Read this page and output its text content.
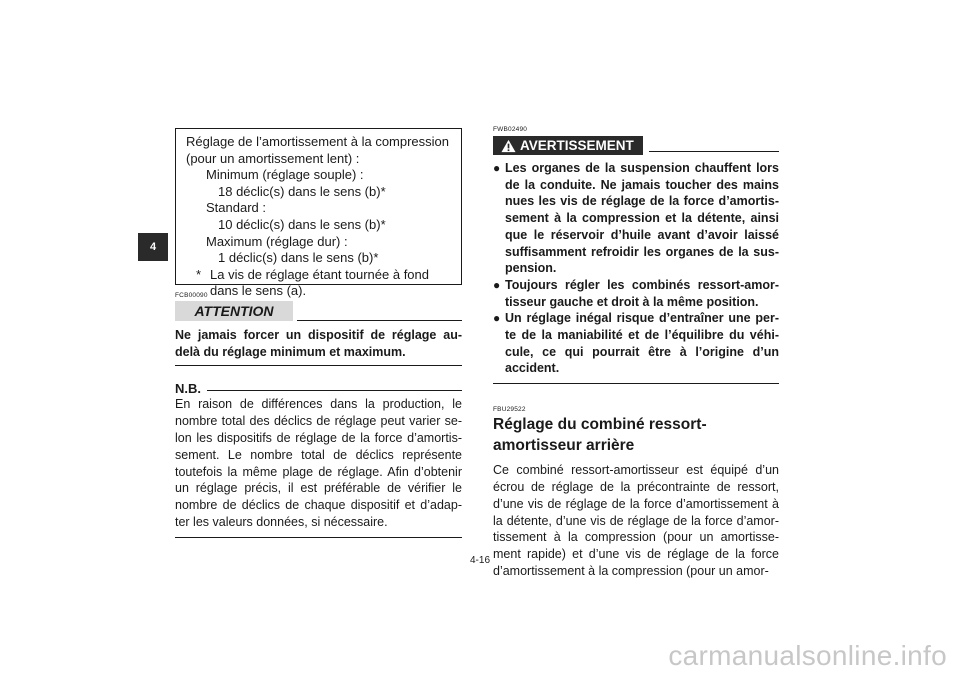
4
Réglage de l’amortissement à la compression
(pour un amortissement lent) :
Minimum (réglage souple) :
18 déclic(s) dans le sens (b)*
Standard :
10 déclic(s) dans le sens (b)*
Maximum (réglage dur) :
1 déclic(s) dans le sens (b)*
* La vis de réglage étant tournée à fond dans le sens (a).
FCB00090
ATTENTION
Ne jamais forcer un dispositif de réglage au-delà du réglage minimum et maximum.
N.B.
En raison de différences dans la production, le nombre total des déclics de réglage peut varier se-lon les dispositifs de réglage de la force d’amortis-sement. Le nombre total de déclics représente toutefois la même plage de réglage. Afin d’obtenir un réglage précis, il est préférable de vérifier le nombre de déclics de chaque dispositif et d’adap-ter les valeurs données, si nécessaire.
FWB02490
AVERTISSEMENT
● Les organes de la suspension chauffent lors de la conduite. Ne jamais toucher des mains nues les vis de réglage de la force d’amortis-sement à la compression et la détente, ainsi que le réservoir d’huile avant d’avoir laissé suffisamment refroidir les organes de la sus-pension.
● Toujours régler les combinés ressort-amor-tisseur gauche et droit à la même position.
● Un réglage inégal risque d’entraîner une per-te de la maniabilité et de l’équilibre du véhi-cule, ce qui pourrait être à l’origine d’un accident.
FBU29522
Réglage du combiné ressort-
amortisseur arrière
Ce combiné ressort-amortisseur est équipé d’un écrou de réglage de la précontrainte de ressort, d’une vis de réglage de la force d’amortissement à la détente, d’une vis de réglage de la force d’amor-tissement à la compression (pour un amortisse-ment rapide) et d’une vis de réglage de la force d’amortissement à la compression (pour un amor-
4-16
carmanualsonline.info
